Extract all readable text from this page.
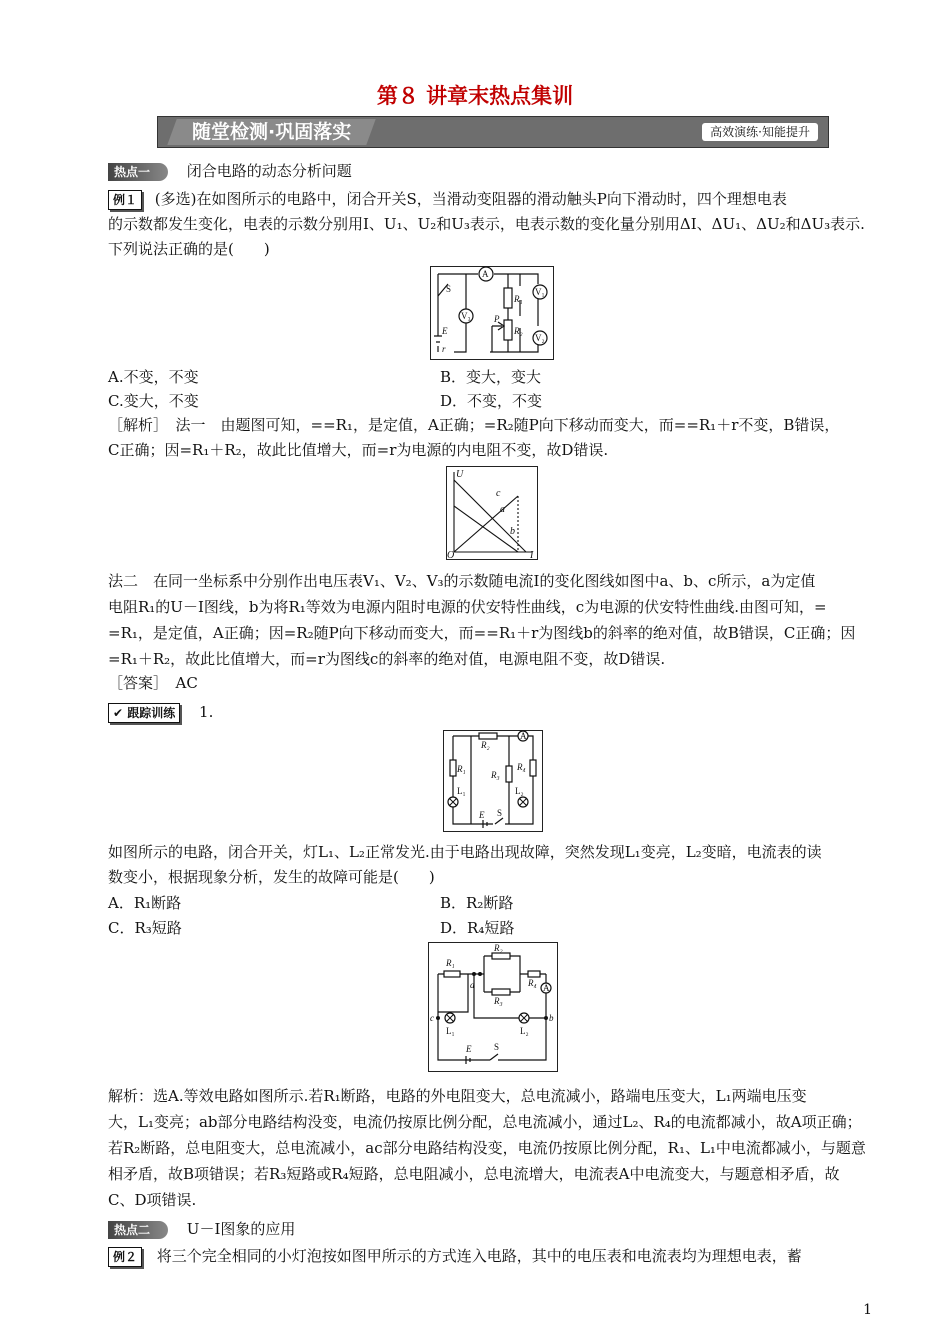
第８ 讲章末热点集训
随堂检测·巩固落实	高效演练·知能提升
热点一 闭合电路的动态分析问题
例１ (多选)在如图所示的电路中，闭合开关S，当滑动变阻器的滑动触头P向下滑动时，四个理想电表
的示数都发生变化，电表的示数分别用I、U₁、U₂和U₃表示，电表示数的变化量分别用ΔI、ΔU₁、ΔU₂和ΔU₃表示.
下列说法正确的是(　　)
A
S
E
r
R₁
R₂
P
V₁
V₂
V₃
A.不变，不变	B．变大，变大
C.变大，不变	D．不变，不变
［解析］　法一　由题图可知，==R₁，是定值，A正确；=R₂随P向下移动而变大，而==R₁＋r不变，B错误，
C正确；因=R₁＋R₂，故此比值增大，而=r为电源的内电阻不变，故D错误.
U
I
O
a
b
c
法二　在同一坐标系中分别作出电压表V₁、V₂、V₃的示数随电流I的变化图线如图中a、b、c所示，a为定值
电阻R₁的U－I图线，b为将R₁等效为电源内阻时电源的伏安特性曲线，c为电源的伏安特性曲线.由图可知，=
=R₁，是定值，A正确；因=R₂随P向下移动而变大，而==R₁＋r为图线b的斜率的绝对值，故B错误，C正确；因
=R₁＋R₂，故此比值增大，而=r为图线c的斜率的绝对值，电源电阻不变，故D错误.
［答案］　AC
✔ 跟踪训练 1.
A
R₁
R₂
R₃
R₄
L₁	L₂
E S
如图所示的电路，闭合开关，灯L₁、L₂正常发光.由于电路出现故障，突然发现L₁变亮，L₂变暗，电流表的读
数变小，根据现象分析，发生的故障可能是(　　)
A．R₁断路	B．R₂断路
C．R₃短路	D．R₄短路
R₁
R₂
R₃
R₄ A
L₁	L₂
E	S
a
b
c
解析：选A.等效电路如图所示.若R₁断路，电路的外电阻变大，总电流减小，路端电压变大，L₁两端电压变
大，L₁变亮；ab部分电路结构没变，电流仍按原比例分配，总电流减小，通过L₂、R₄的电流都减小，故A项正确；
若R₂断路，总电阻变大，总电流减小，ac部分电路结构没变，电流仍按原比例分配，R₁、L₁中电流都减小，与题意
相矛盾，故B项错误；若R₃短路或R₄短路，总电阻减小，总电流增大，电流表A中电流变大，与题意相矛盾，故
C、D项错误.
热点二 U－I图象的应用
例２ 将三个完全相同的小灯泡按如图甲所示的方式连入电路，其中的电压表和电流表均为理想电表，蓄
1
